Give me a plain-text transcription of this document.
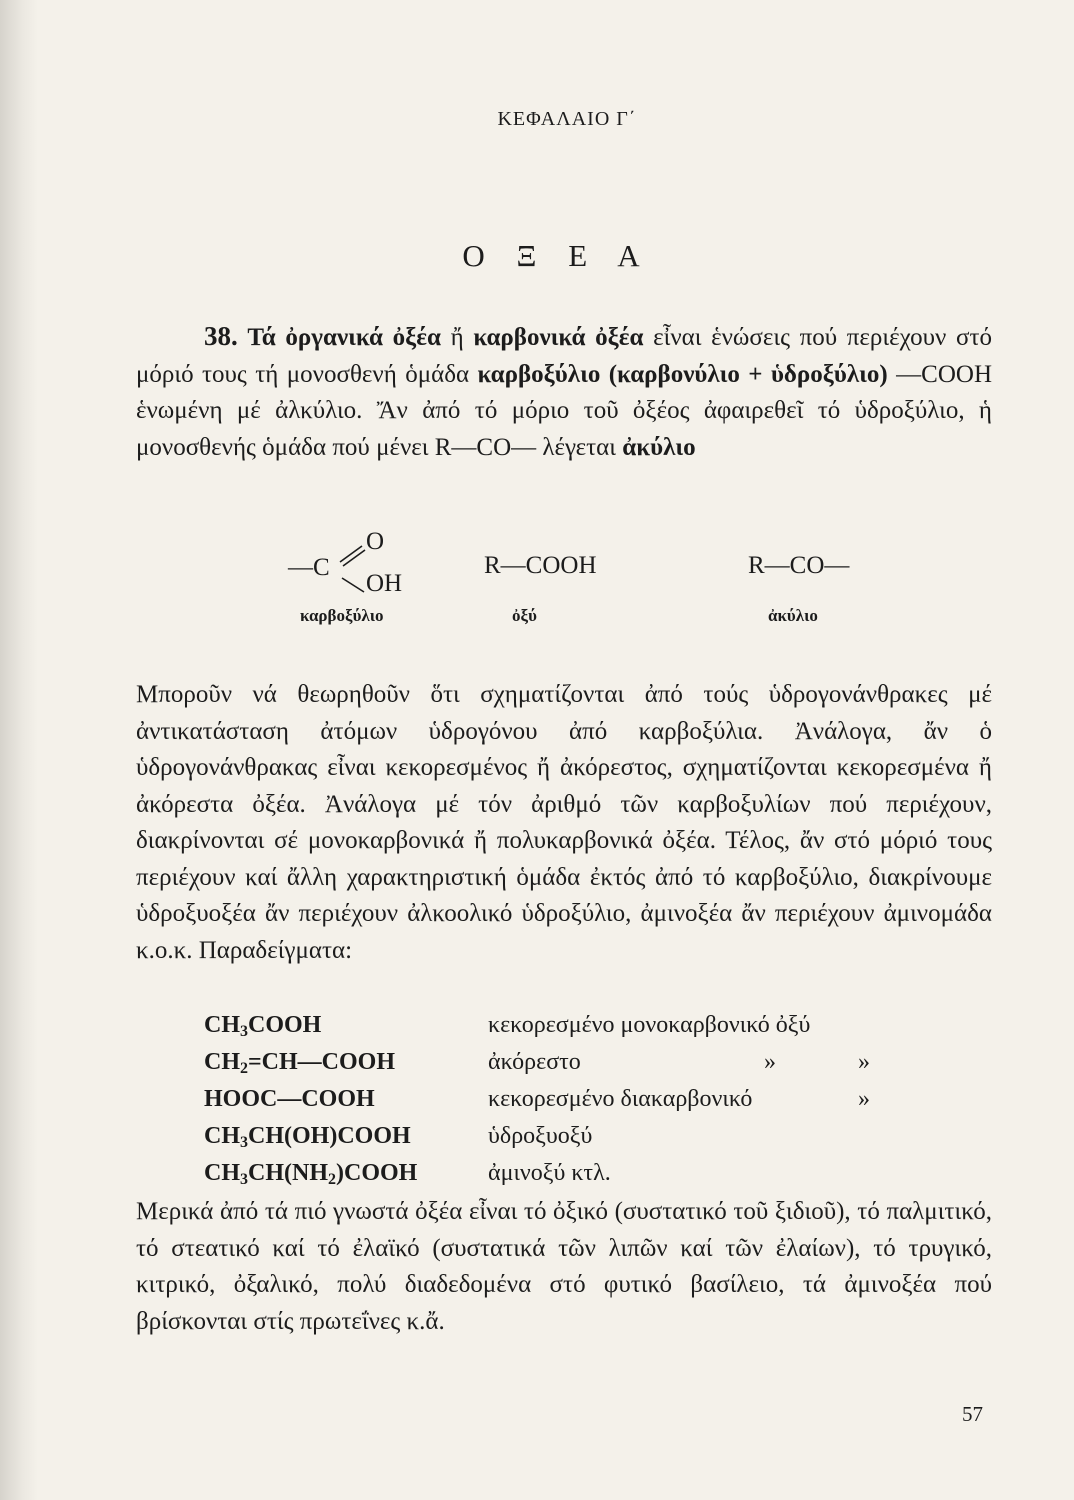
ΚΕΦΑΛΑΙΟ Γ΄
Ο Ξ Ε Α

38. Τά ὀργανικά ὀξέα ἤ καρβονικά ὀξέα εἶναι ἑνώσεις πού περιέχουν στό μόριό τους τή μονοσθενή ὁμάδα καρβοξύλιο (καρβονύλιο + ὑδροξύλιο) —COOH ἑνωμένη μέ ἀλκύλιο. Ἄν ἀπό τό μόριο τοῦ ὀξέος ἀφαιρεθεῖ τό ὑδροξύλιο, ἡ μονοσθενής ὁμάδα πού μένει R—CO— λέγεται ἀκύλιο

—C
O
OH
καρβοξύλιο
R—COOH
ὀξύ
R—CO—
ἀκύλιο

Μποροῦν νά θεωρηθοῦν ὅτι σχηματίζονται ἀπό τούς ὑδρογονάνθρακες μέ ἀντικατάσταση ἀτόμων ὑδρογόνου ἀπό καρβοξύλια. Ἀνάλογα, ἄν ὁ ὑδρογονάνθρακας εἶναι κεκορεσμένος ἤ ἀκόρεστος, σχηματίζονται κεκορεσμένα ἤ ἀκόρεστα ὀξέα. Ἀνάλογα μέ τόν ἀριθμό τῶν καρβοξυλίων πού περιέχουν, διακρίνονται σέ μονοκαρβονικά ἤ πολυκαρβονικά ὀξέα. Τέλος, ἄν στό μόριό τους περιέχουν καί ἄλλη χαρακτηριστική ὁμάδα ἐκτός ἀπό τό καρβοξύλιο, διακρίνουμε ὑδροξυοξέα ἄν περιέχουν ἀλκοολικό ὑδροξύλιο, ἀμινοξέα ἄν περιέχουν ἀμινομάδα κ.ο.κ. Παραδείγματα:

$CH_3COOH$	κεκορεσμένο μονοκαρβονικό ὀξύ
$CH_2=CH—COOH$	ἀκόρεστο » »

HOOC—COOH	κεκορεσμένο διακαρβονικό »

$CH_3CH(OH)COOH$	ὑδροξυοξύ
$CH_3CH(NH_2)COOH$	ἀμινοξύ κτλ.

Μερικά ἀπό τά πιό γνωστά ὀξέα εἶναι τό ὀξικό (συστατικό τοῦ ξιδιοῦ), τό παλμιτικό, τό στεατικό καί τό ἐλαϊκό (συστατικά τῶν λιπῶν καί τῶν ἐλαίων), τό τρυγικό, κιτρικό, ὀξαλικό, πολύ διαδεδομένα στό φυτικό βασίλειο, τά ἀμινοξέα πού βρίσκονται στίς πρωτεΐνες κ.ἄ.

57
